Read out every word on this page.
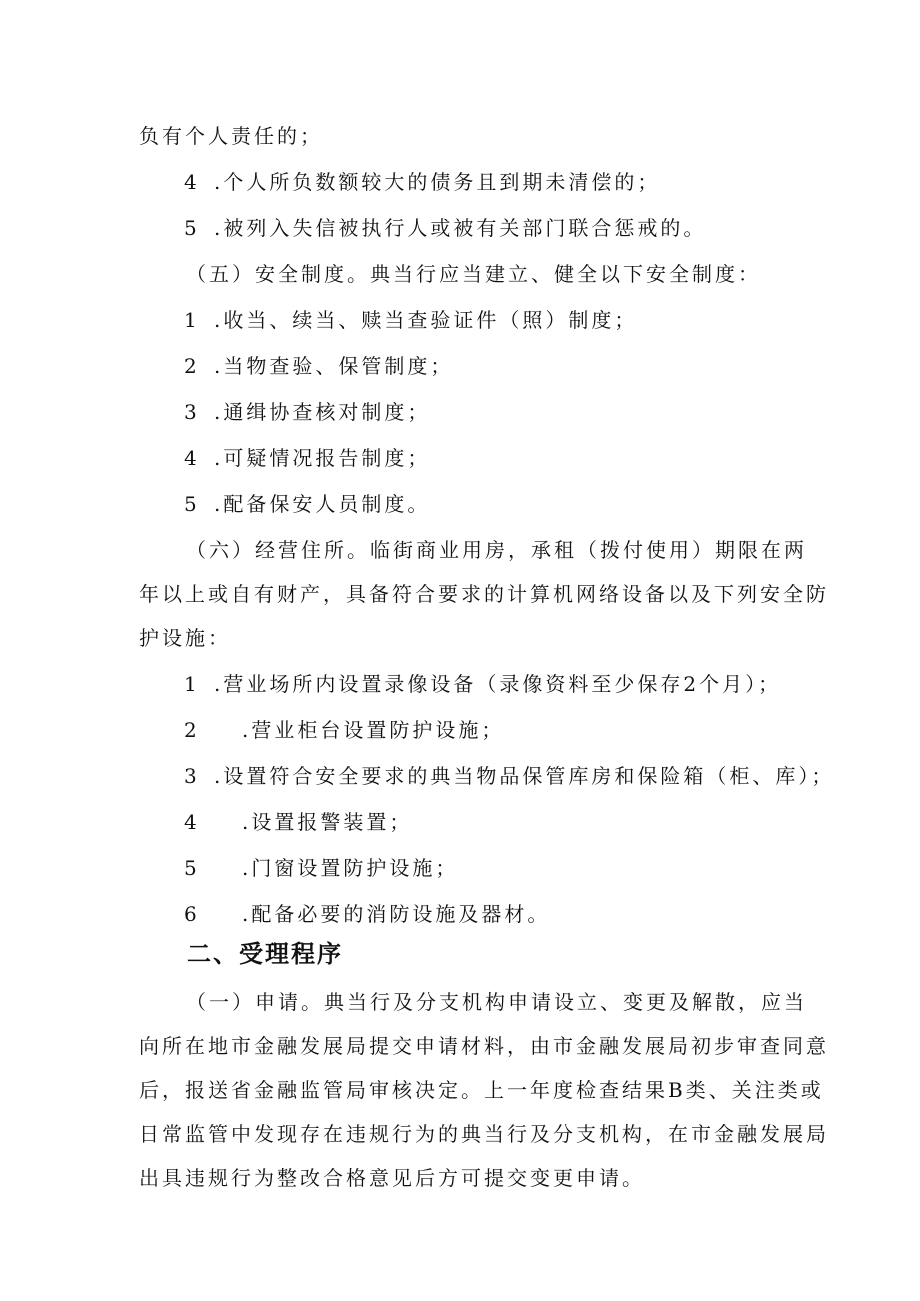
负有个人责任的；
4 .个人所负数额较大的债务且到期未清偿的；
5 .被列入失信被执行人或被有关部门联合惩戒的。
（五）安全制度。典当行应当建立、健全以下安全制度：
1 .收当、续当、赎当查验证件（照）制度；
2 .当物查验、保管制度；
3 .通缉协查核对制度；
4 .可疑情况报告制度；
5 .配备保安人员制度。
（六）经营住所。临街商业用房，承租（拨付使用）期限在两
年以上或自有财产，具备符合要求的计算机网络设备以及下列安全防
护设施：
1 .营业场所内设置录像设备（录像资料至少保存2个月）；
2 .营业柜台设置防护设施；
3 .设置符合安全要求的典当物品保管库房和保险箱（柜、库）；
4 .设置报警装置；
5 .门窗设置防护设施；
6 .配备必要的消防设施及器材。
二、受理程序
（一）申请。典当行及分支机构申请设立、变更及解散，应当
向所在地市金融发展局提交申请材料，由市金融发展局初步审查同意
后，报送省金融监管局审核决定。上一年度检查结果B类、关注类或
日常监管中发现存在违规行为的典当行及分支机构，在市金融发展局
出具违规行为整改合格意见后方可提交变更申请。
